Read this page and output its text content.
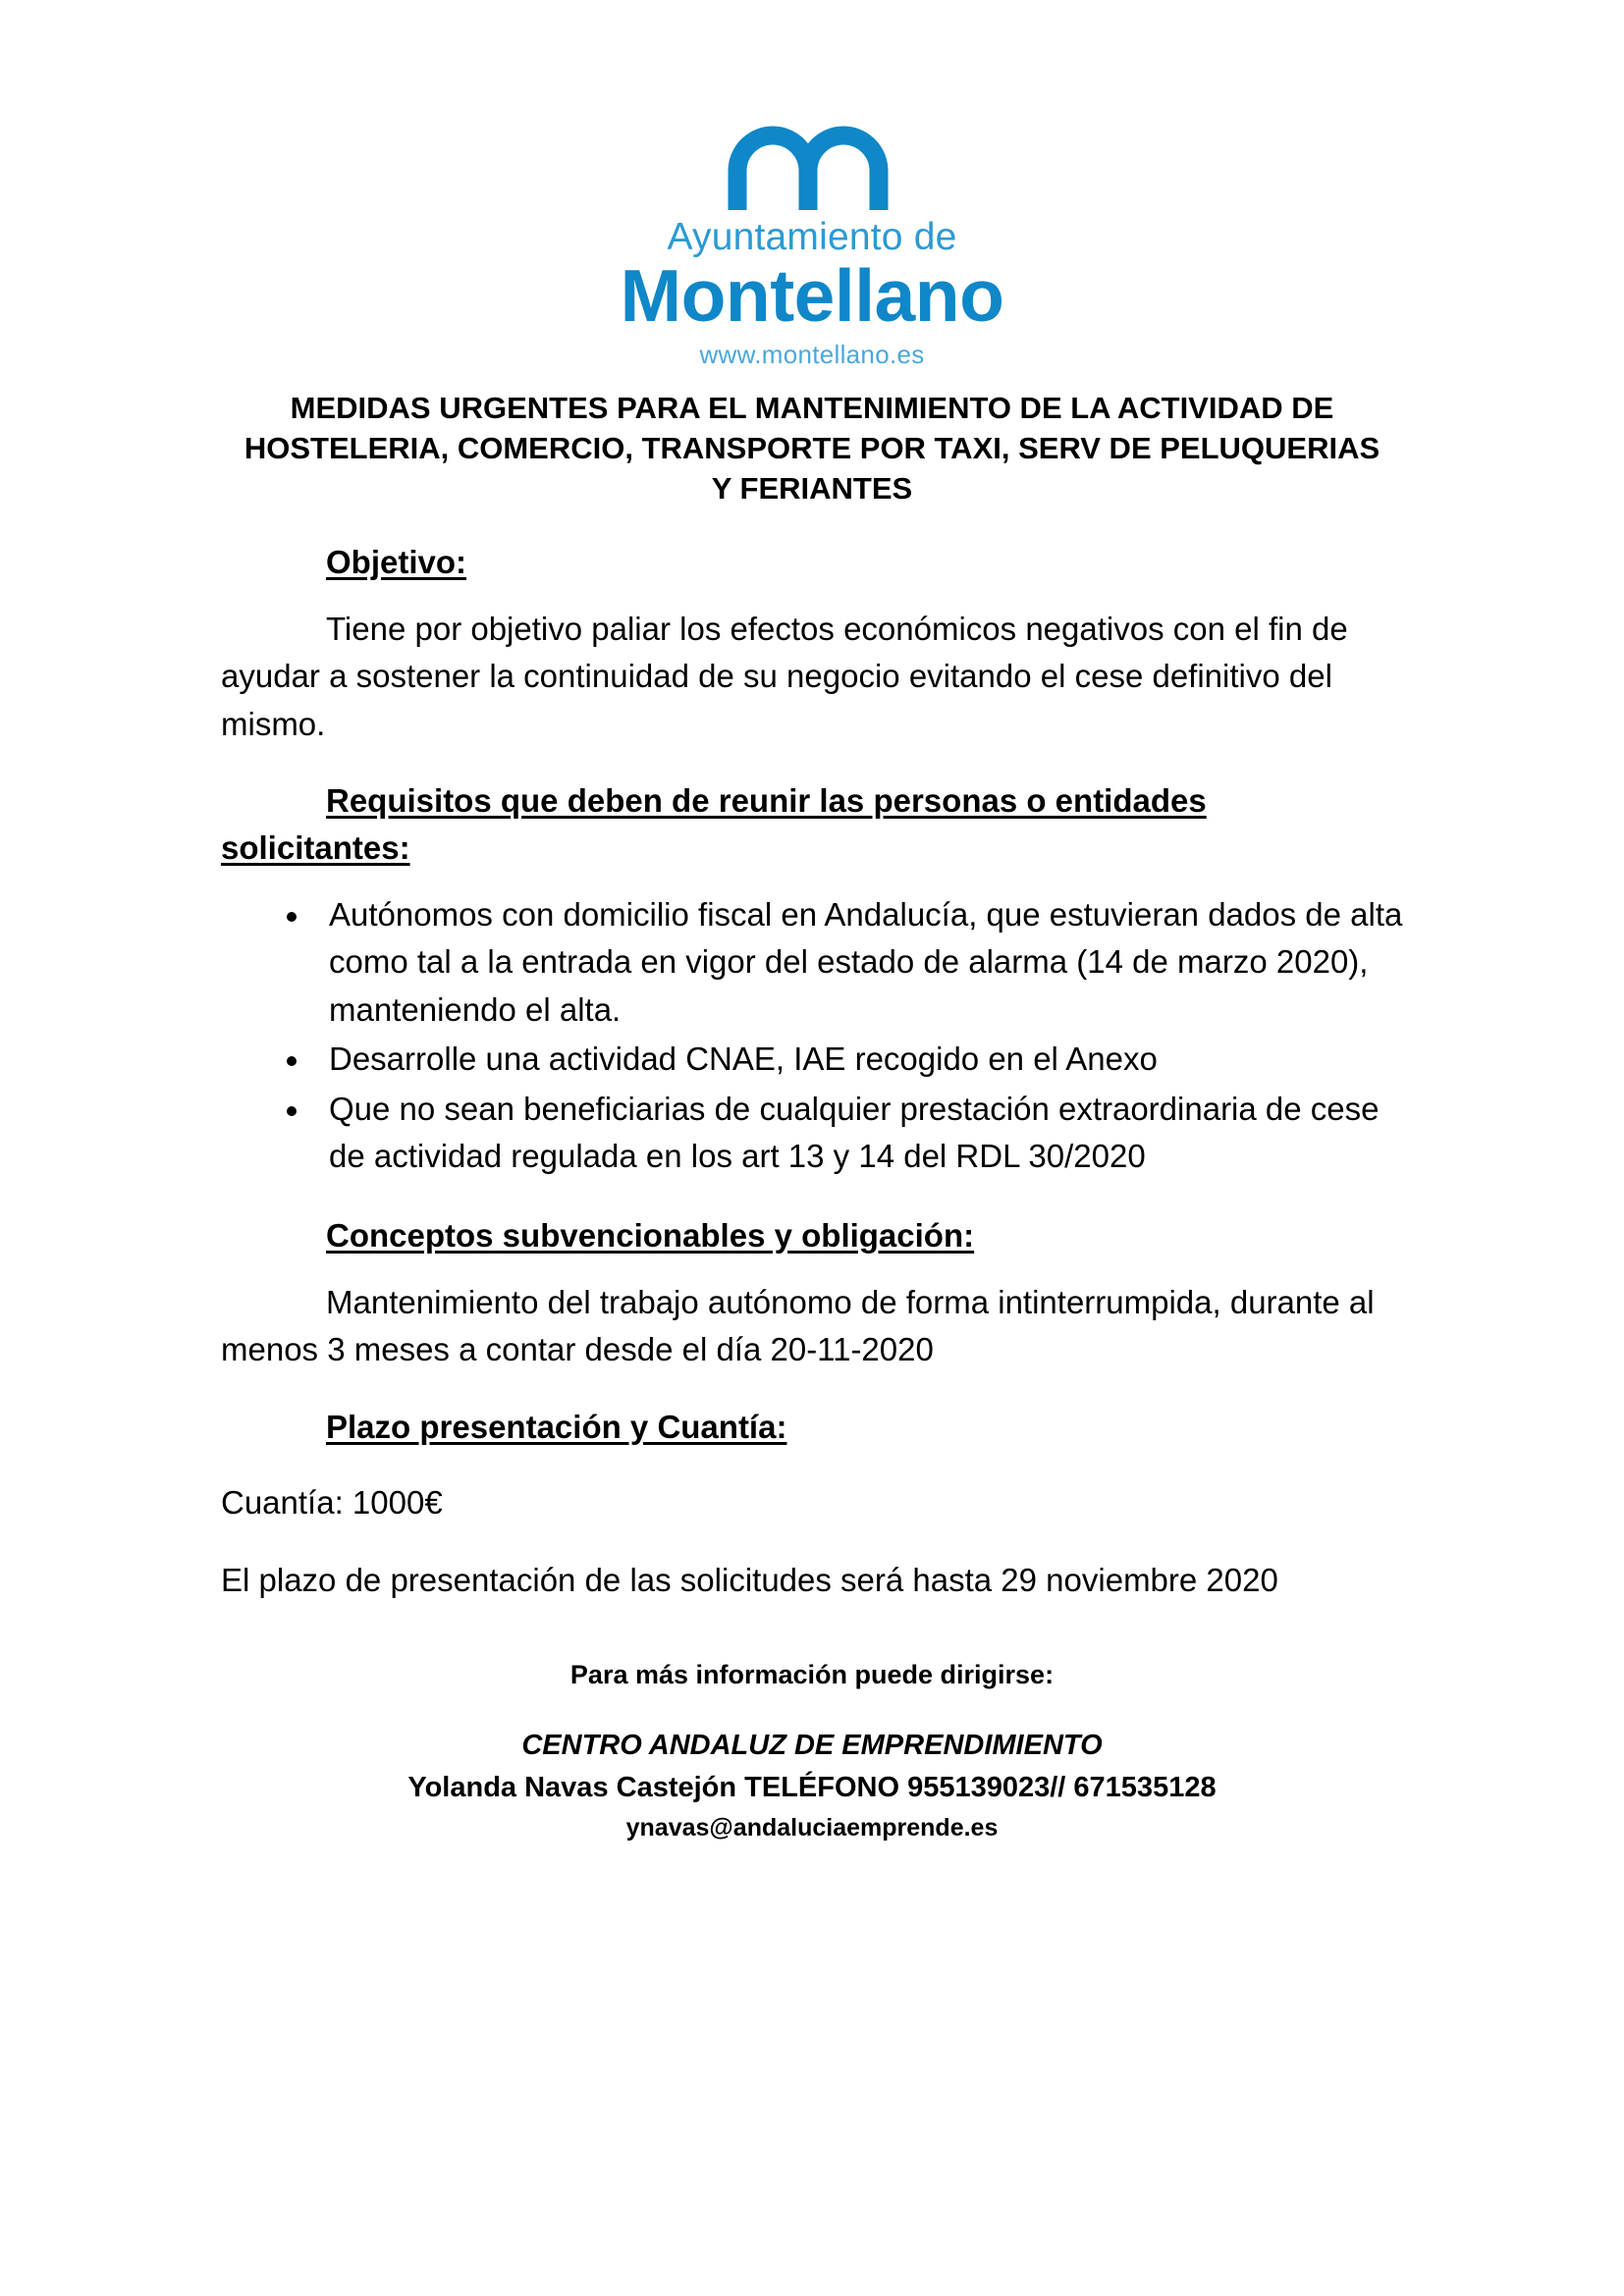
Ayuntamiento de
Montellano
www.montellano.es
MEDIDAS URGENTES PARA EL MANTENIMIENTO DE LA ACTIVIDAD DE HOSTELERIA, COMERCIO, TRANSPORTE POR TAXI, SERV DE PELUQUERIAS Y FERIANTES
Objetivo:

Tiene por objetivo paliar los efectos económicos negativos con el fin de ayudar a sostener la continuidad de su negocio evitando el cese definitivo del mismo.

Requisitos que deben de reunir las personas o entidades solicitantes:
Autónomos con domicilio fiscal en Andalucía, que estuvieran dados de alta como tal a la entrada en vigor del estado de alarma (14 de marzo 2020), manteniendo el alta.
Desarrolle una actividad CNAE, IAE recogido en el Anexo
Que no sean beneficiarias de cualquier prestación extraordinaria de cese de actividad regulada en los art 13 y 14 del RDL 30/2020
Conceptos subvencionables y obligación:

Mantenimiento del trabajo autónomo de forma intinterrumpida, durante al menos 3 meses a contar desde el día 20-11-2020

Plazo presentación y Cuantía:

Cuantía: 1000€

El plazo de presentación de las solicitudes será hasta 29 noviembre 2020

Para más información puede dirigirse:
CENTRO ANDALUZ DE EMPRENDIMIENTO
Yolanda Navas Castejón TELÉFONO 955139023// 671535128
ynavas@andaluciaemprende.es
